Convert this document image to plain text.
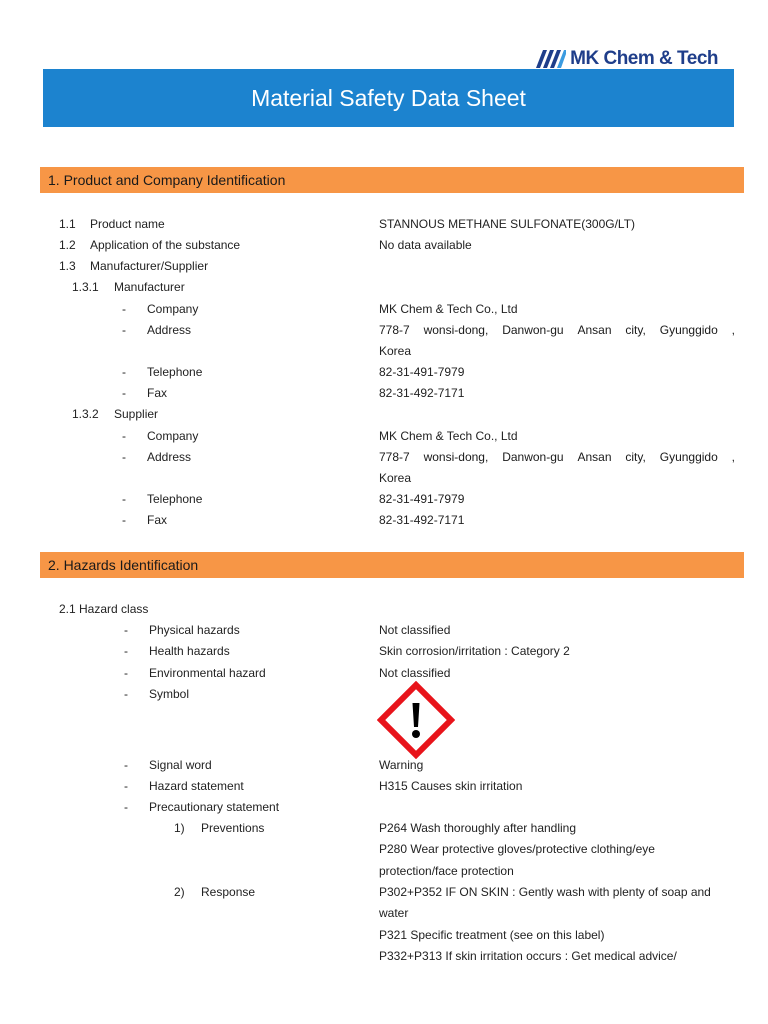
MK Chem & Tech
Material Safety Data Sheet
1. Product and Company Identification
1.1 Product name	STANNOUS METHANE SULFONATE(300G/LT)
1.2 Application of the substance	No data available
1.3 Manufacturer/Supplier
1.3.1 Manufacturer
- Company	MK Chem & Tech Co., Ltd
- Address	778-7 wonsi-dong, Danwon-gu Ansan city, Gyunggido ,
Korea
- Telephone	82-31-491-7979
- Fax	82-31-492-7171
1.3.2 Supplier
- Company	MK Chem & Tech Co., Ltd
- Address	778-7 wonsi-dong, Danwon-gu Ansan city, Gyunggido ,
Korea
- Telephone	82-31-491-7979
- Fax	82-31-492-7171
2. Hazards Identification
2.1 Hazard class
- Physical hazards	Not classified
- Health hazards	Skin corrosion/irritation : Category 2
- Environmental hazard	Not classified
- Symbol
- Signal word	Warning
- Hazard statement	H315 Causes skin irritation
- Precautionary statement
1) Preventions	P264 Wash thoroughly after handling
P280 Wear protective gloves/protective clothing/eye
protection/face protection
2) Response	P302+P352 IF ON SKIN : Gently wash with plenty of soap and
water
P321 Specific treatment (see on this label)
P332+P313 If skin irritation occurs : Get medical advice/
